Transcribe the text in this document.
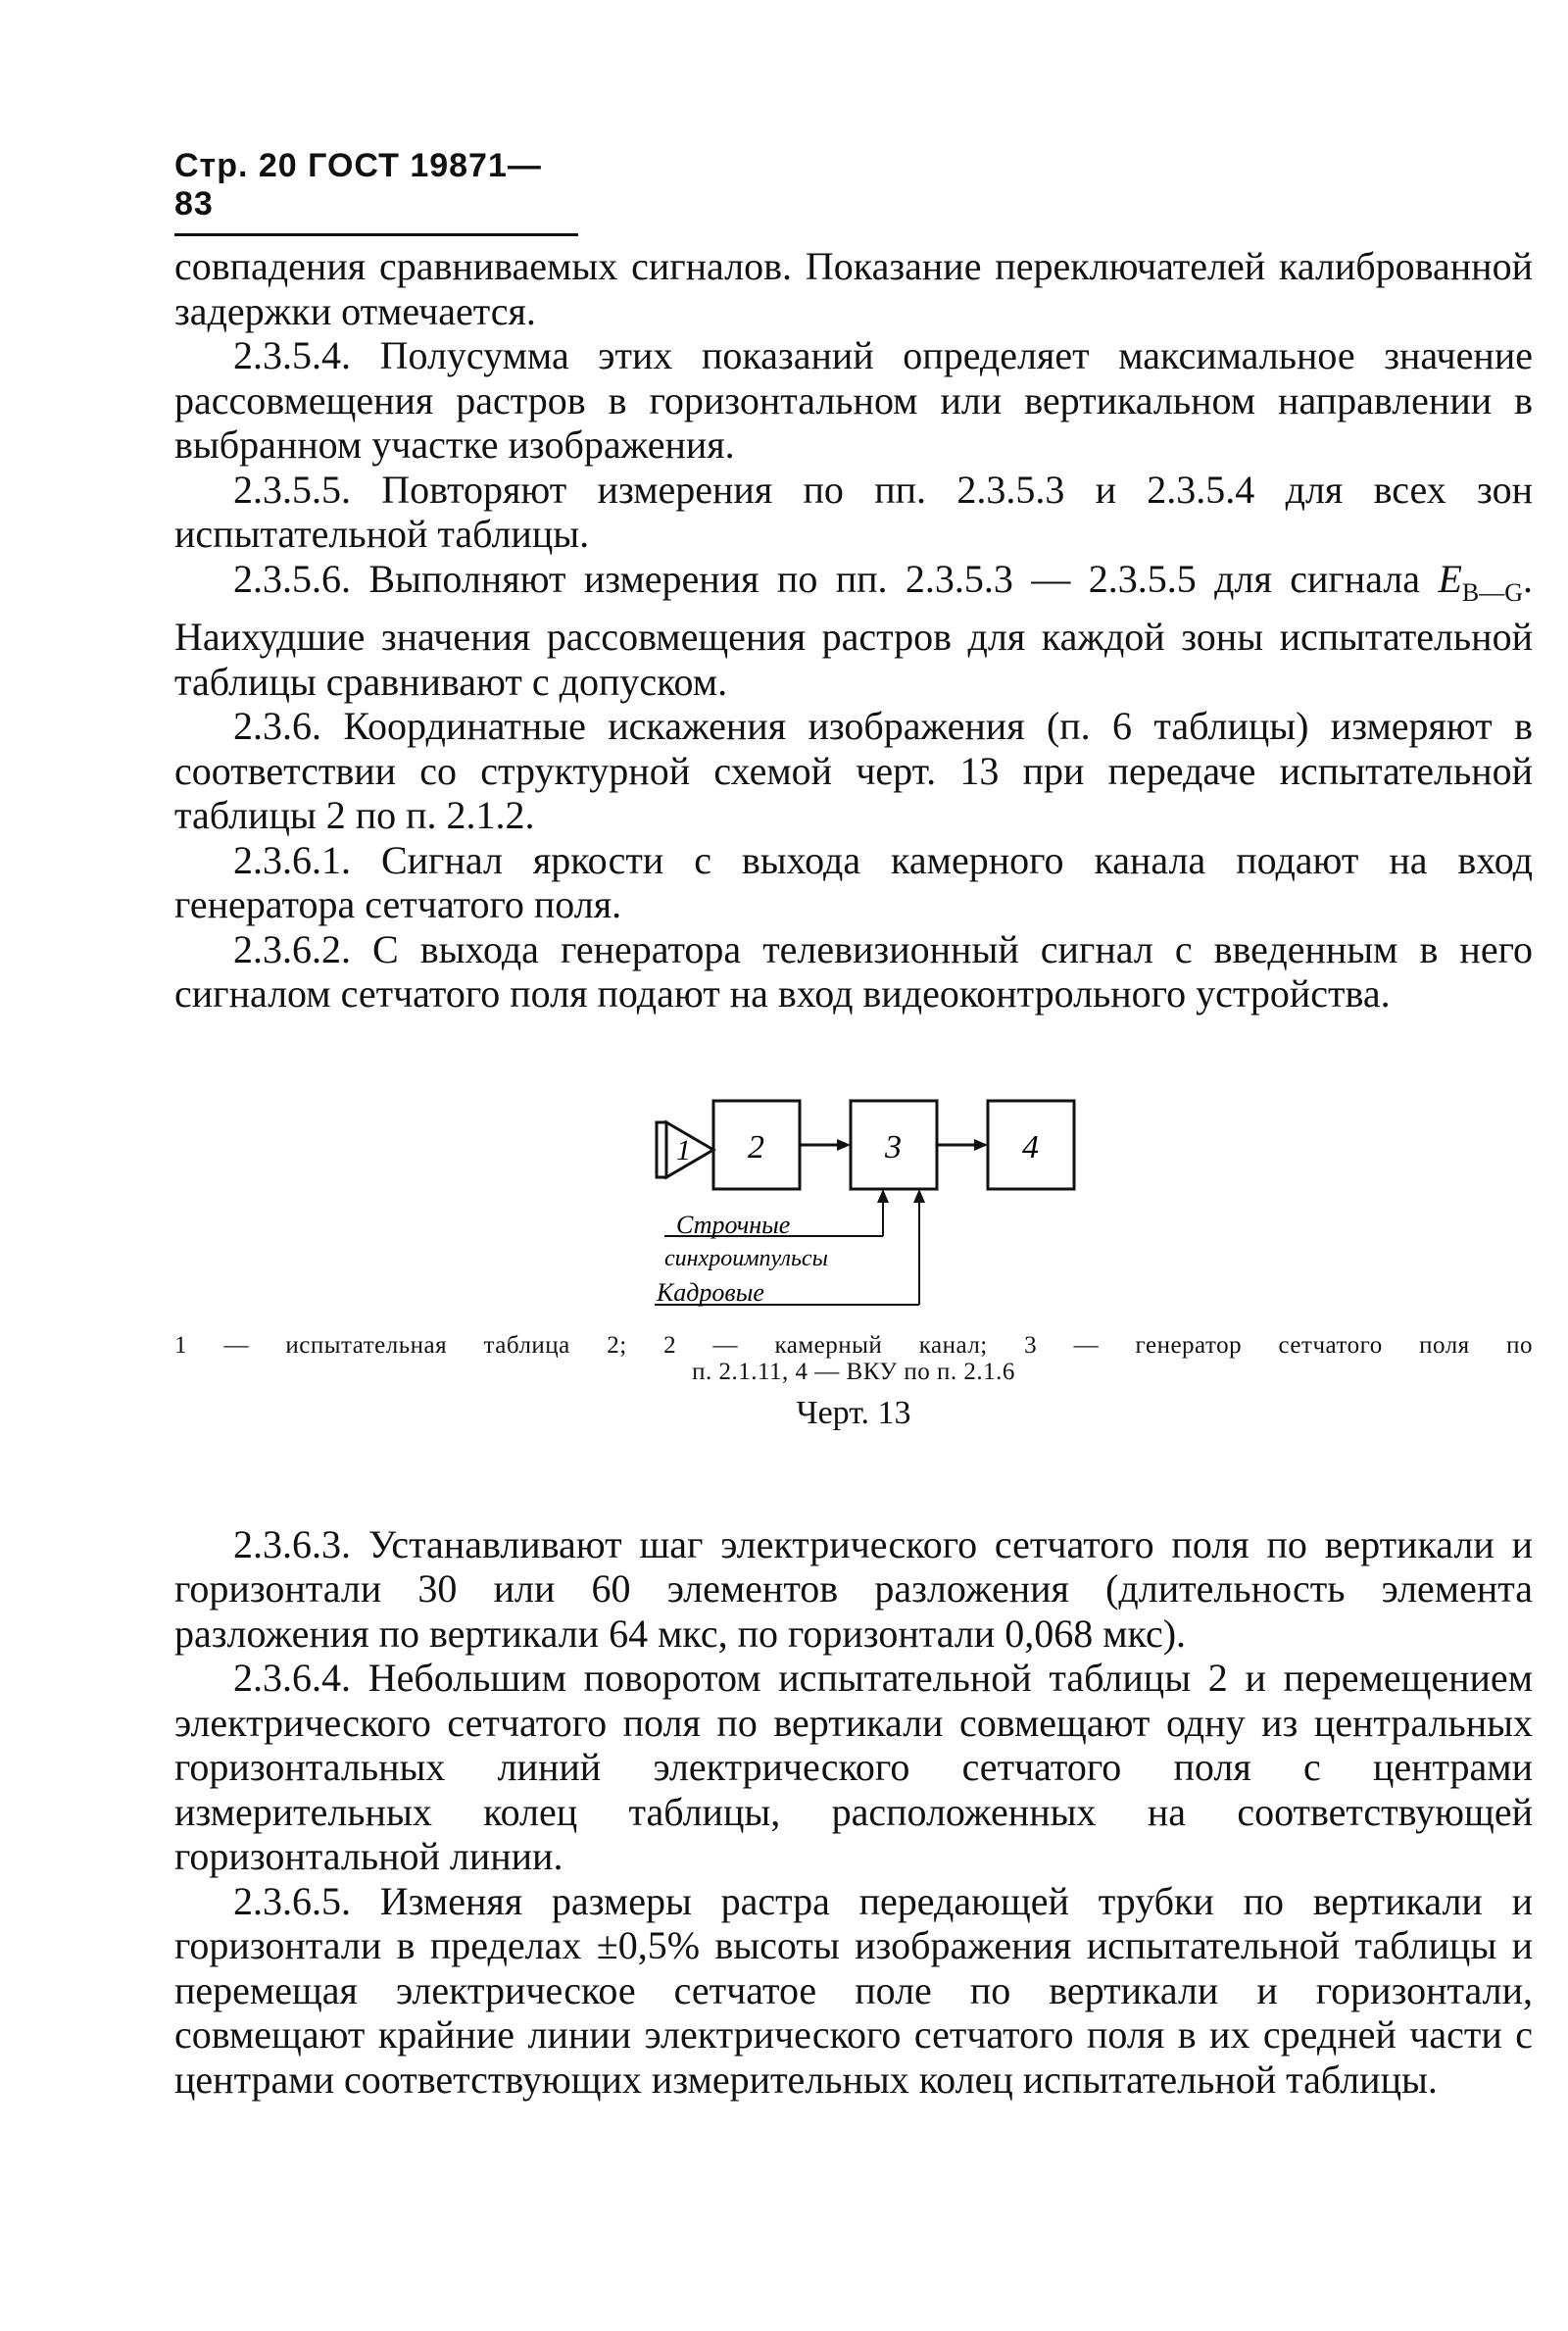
Стр. 20 ГОСТ 19871—83

совпадения сравниваемых сигналов. Показание переключателей калиброванной задержки отмечается.

2.3.5.4. Полусумма этих показаний определяет максимальное значение рассовмещения растров в горизонтальном или вертикальном направлении в выбранном участке изображения.

2.3.5.5. Повторяют измерения по пп. 2.3.5.3 и 2.3.5.4 для всех зон испытательной таблицы.

2.3.5.6. Выполняют измерения по пп. 2.3.5.3 — 2.3.5.5 для сигнала $E_{B—G}$. Наихудшие значения рассовмещения растров для каждой зоны испытательной таблицы сравнивают с допуском.

2.3.6. Координатные искажения изображения (п. 6 таблицы) измеряют в соответствии со структурной схемой черт. 13 при передаче испытательной таблицы 2 по п. 2.1.2.

2.3.6.1. Сигнал яркости с выхода камерного канала подают на вход генератора сетчатого поля.

2.3.6.2. С выхода генератора телевизионный сигнал с введенным в него сигналом сетчатого поля подают на вход видеоконтрольного устройства.

1 2	3	4
Строчные
синхроимпульсы
Кадровые
1 — испытательная таблица 2; 2 — камерный канал; 3 — генератор сетчатого поля по
п. 2.1.11, 4 — ВКУ по п. 2.1.6
Черт. 13

2.3.6.3. Устанавливают шаг электрического сетчатого поля по вертикали и горизонтали 30 или 60 элементов разложения (длительность элемента разложения по вертикали 64 мкс, по горизонтали 0,068 мкс).

2.3.6.4. Небольшим поворотом испытательной таблицы 2 и перемещением электрического сетчатого поля по вертикали совмещают одну из центральных горизонтальных линий электрического сетчатого поля с центрами измерительных колец таблицы, расположенных на соответствующей горизонтальной линии.

2.3.6.5. Изменяя размеры растра передающей трубки по вертикали и горизонтали в пределах ±0,5% высоты изображения испытательной таблицы и перемещая электрическое сетчатое поле по вертикали и горизонтали, совмещают крайние линии электрического сетчатого поля в их средней части с центрами соответствующих измерительных колец испытательной таблицы.
